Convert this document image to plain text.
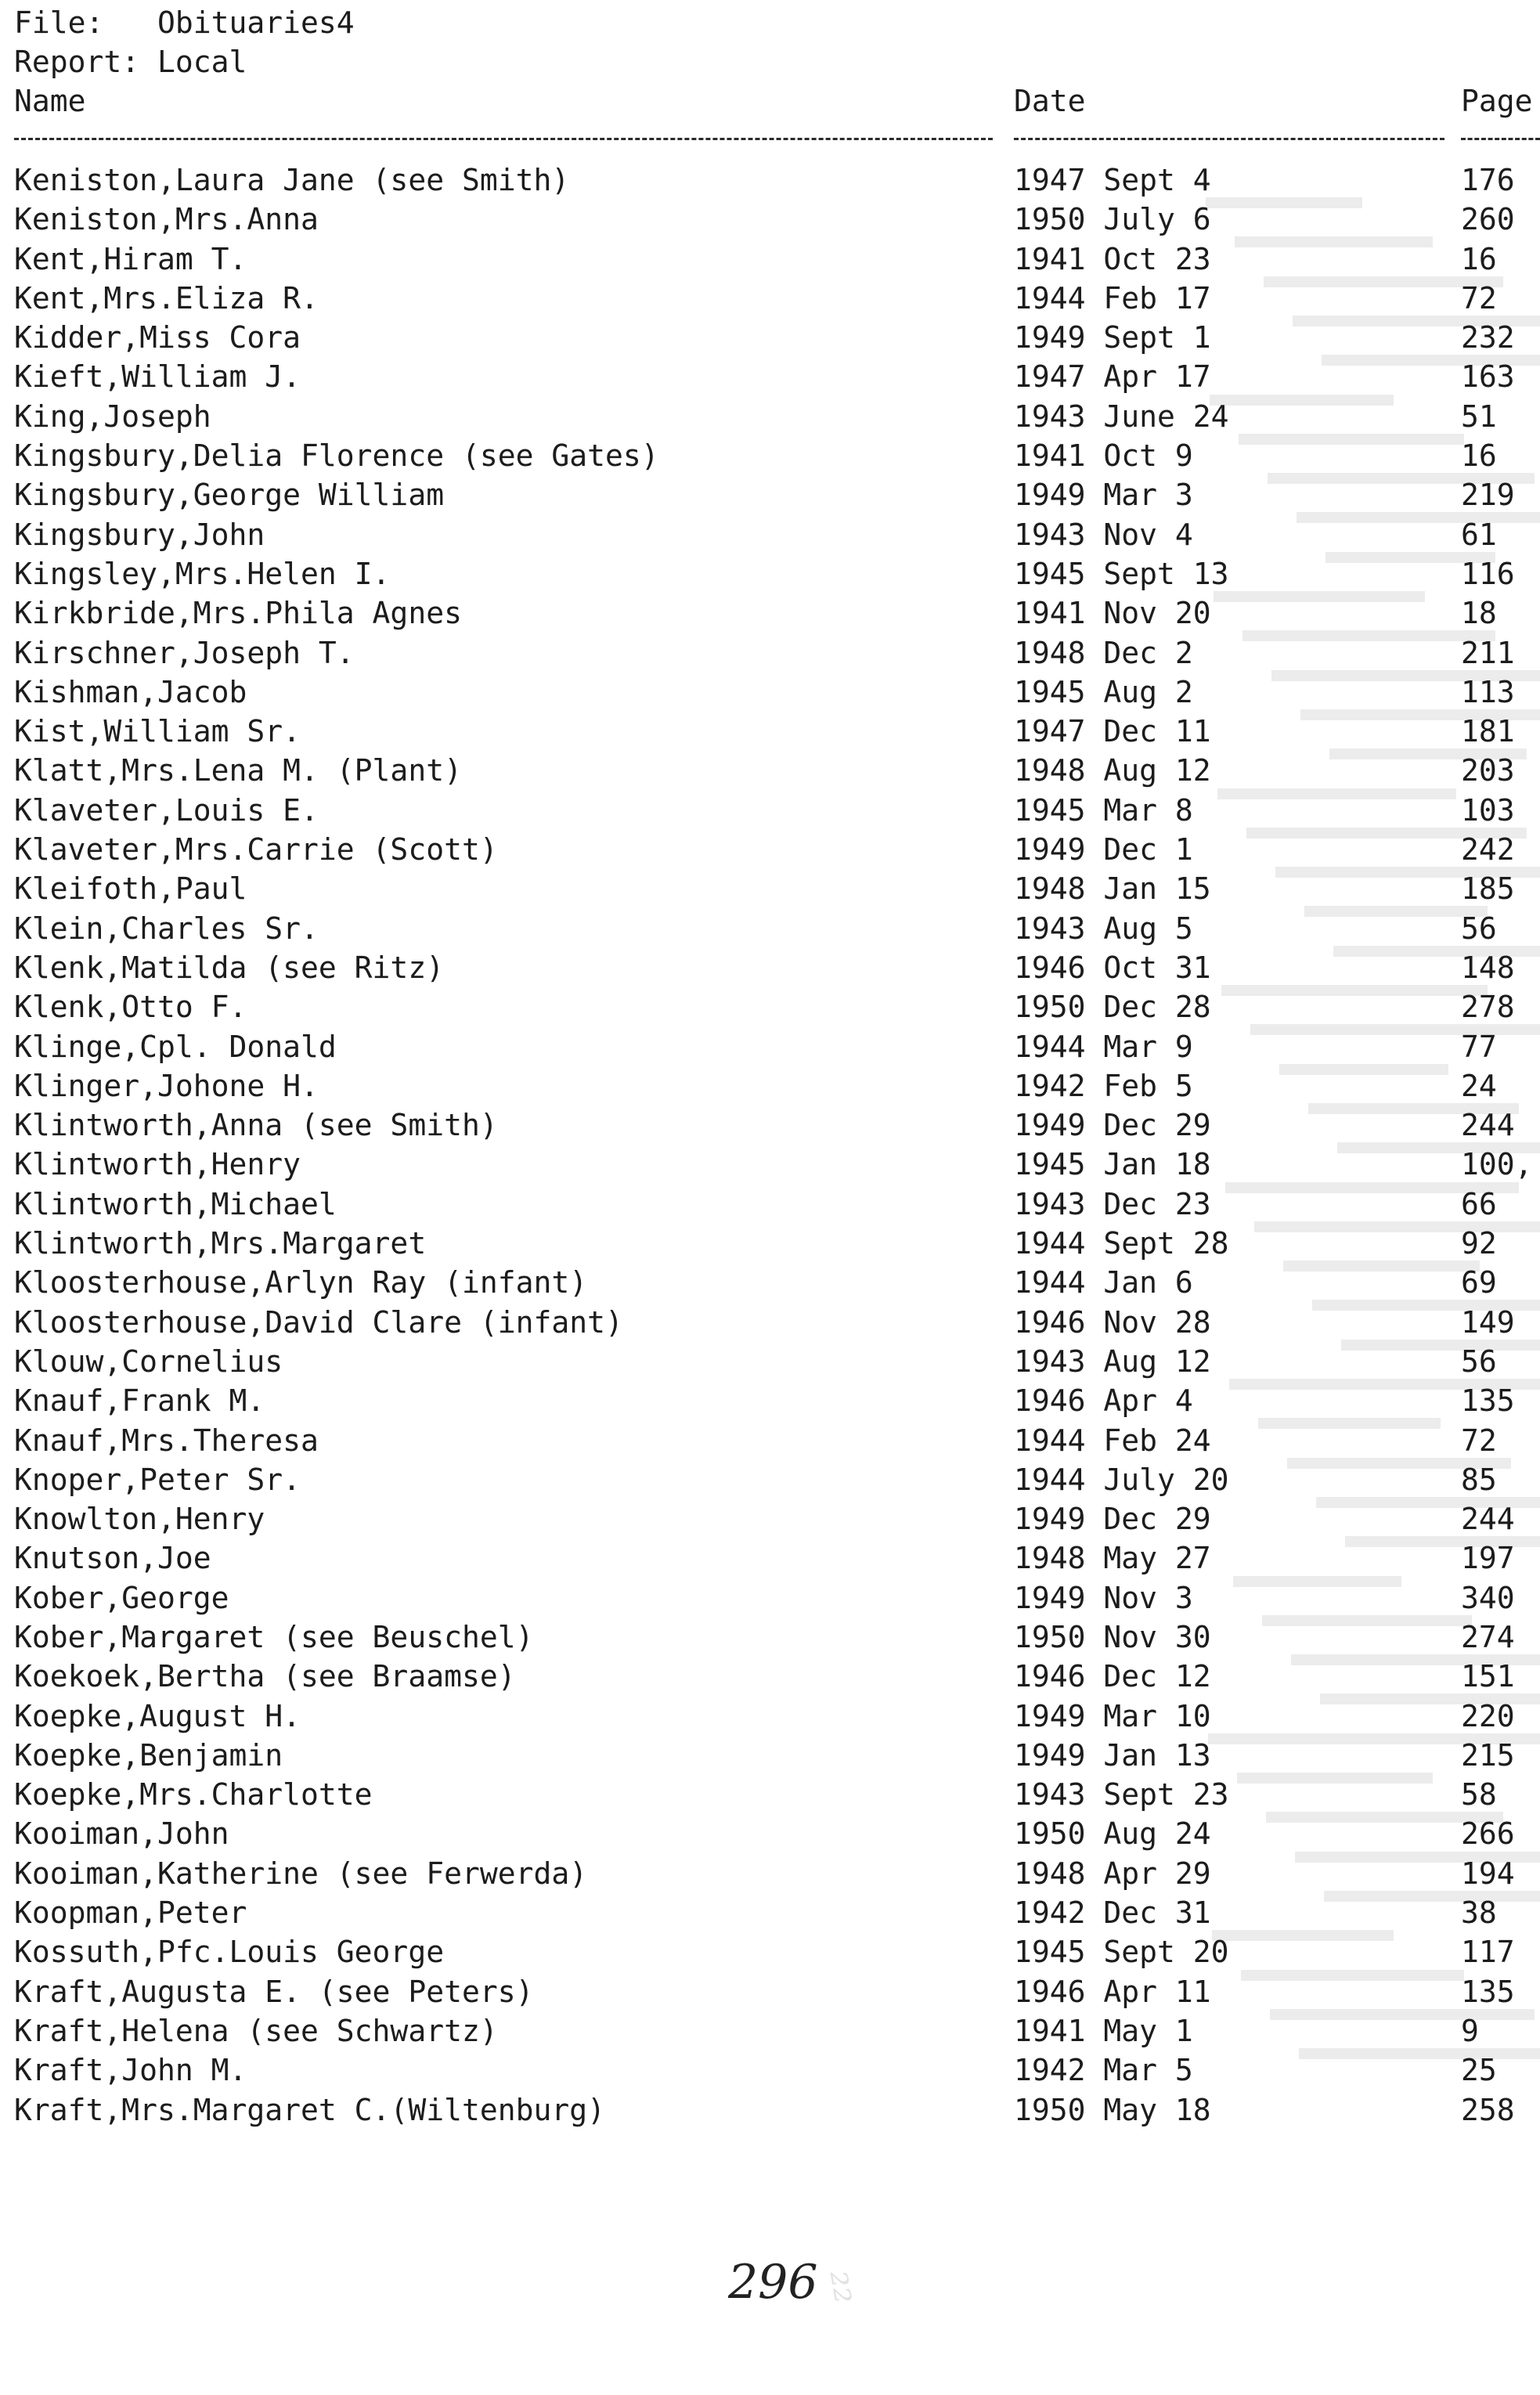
File: Obituaries4
Report: Local
Name	Date	Page
Keniston,Laura Jane (see Smith)	1947 Sept 4	176
Keniston,Mrs.Anna	1950 July 6	260
Kent,Hiram T.	1941 Oct 23	16
Kent,Mrs.Eliza R.	1944 Feb 17	72
Kidder,Miss Cora	1949 Sept 1	232
Kieft,William J.	1947 Apr 17	163
King,Joseph	1943 June 24	51
Kingsbury,Delia Florence (see Gates)	1941 Oct 9	16
Kingsbury,George William	1949 Mar 3	219
Kingsbury,John	1943 Nov 4	61
Kingsley,Mrs.Helen I.	1945 Sept 13	116
Kirkbride,Mrs.Phila Agnes	1941 Nov 20	18
Kirschner,Joseph T.	1948 Dec 2	211
Kishman,Jacob	1945 Aug 2	113
Kist,William Sr.	1947 Dec 11	181
Klatt,Mrs.Lena M. (Plant)	1948 Aug 12	203
Klaveter,Louis E.	1945 Mar 8	103
Klaveter,Mrs.Carrie (Scott)	1949 Dec 1	242
Kleifoth,Paul	1948 Jan 15	185
Klein,Charles Sr.	1943 Aug 5	56
Klenk,Matilda (see Ritz)	1946 Oct 31	148
Klenk,Otto F.	1950 Dec 28	278
Klinge,Cpl. Donald	1944 Mar 9	77
Klinger,Johone H.	1942 Feb 5	24
Klintworth,Anna (see Smith)	1949 Dec 29	244
Klintworth,Henry	1945 Jan 18	100,
Klintworth,Michael	1943 Dec 23	66
Klintworth,Mrs.Margaret	1944 Sept 28	92
Kloosterhouse,Arlyn Ray (infant)	1944 Jan 6	69
Kloosterhouse,David Clare (infant)	1946 Nov 28	149
Klouw,Cornelius	1943 Aug 12	56
Knauf,Frank M.	1946 Apr 4	135
Knauf,Mrs.Theresa	1944 Feb 24	72
Knoper,Peter Sr.	1944 July 20	85
Knowlton,Henry	1949 Dec 29	244
Knutson,Joe	1948 May 27	197
Kober,George	1949 Nov 3	340
Kober,Margaret (see Beuschel)	1950 Nov 30	274
Koekoek,Bertha (see Braamse)	1946 Dec 12	151
Koepke,August H.	1949 Mar 10	220
Koepke,Benjamin	1949 Jan 13	215
Koepke,Mrs.Charlotte	1943 Sept 23	58
Kooiman,John	1950 Aug 24	266
Kooiman,Katherine (see Ferwerda)	1948 Apr 29	194
Koopman,Peter	1942 Dec 31	38
Kossuth,Pfc.Louis George	1945 Sept 20	117
Kraft,Augusta E. (see Peters)	1946 Apr 11	135
Kraft,Helena (see Schwartz)	1941 May 1	9
Kraft,John M.	1942 Mar 5	25
Kraft,Mrs.Margaret C.(Wiltenburg)	1950 May 18	258
296 ₂₂
